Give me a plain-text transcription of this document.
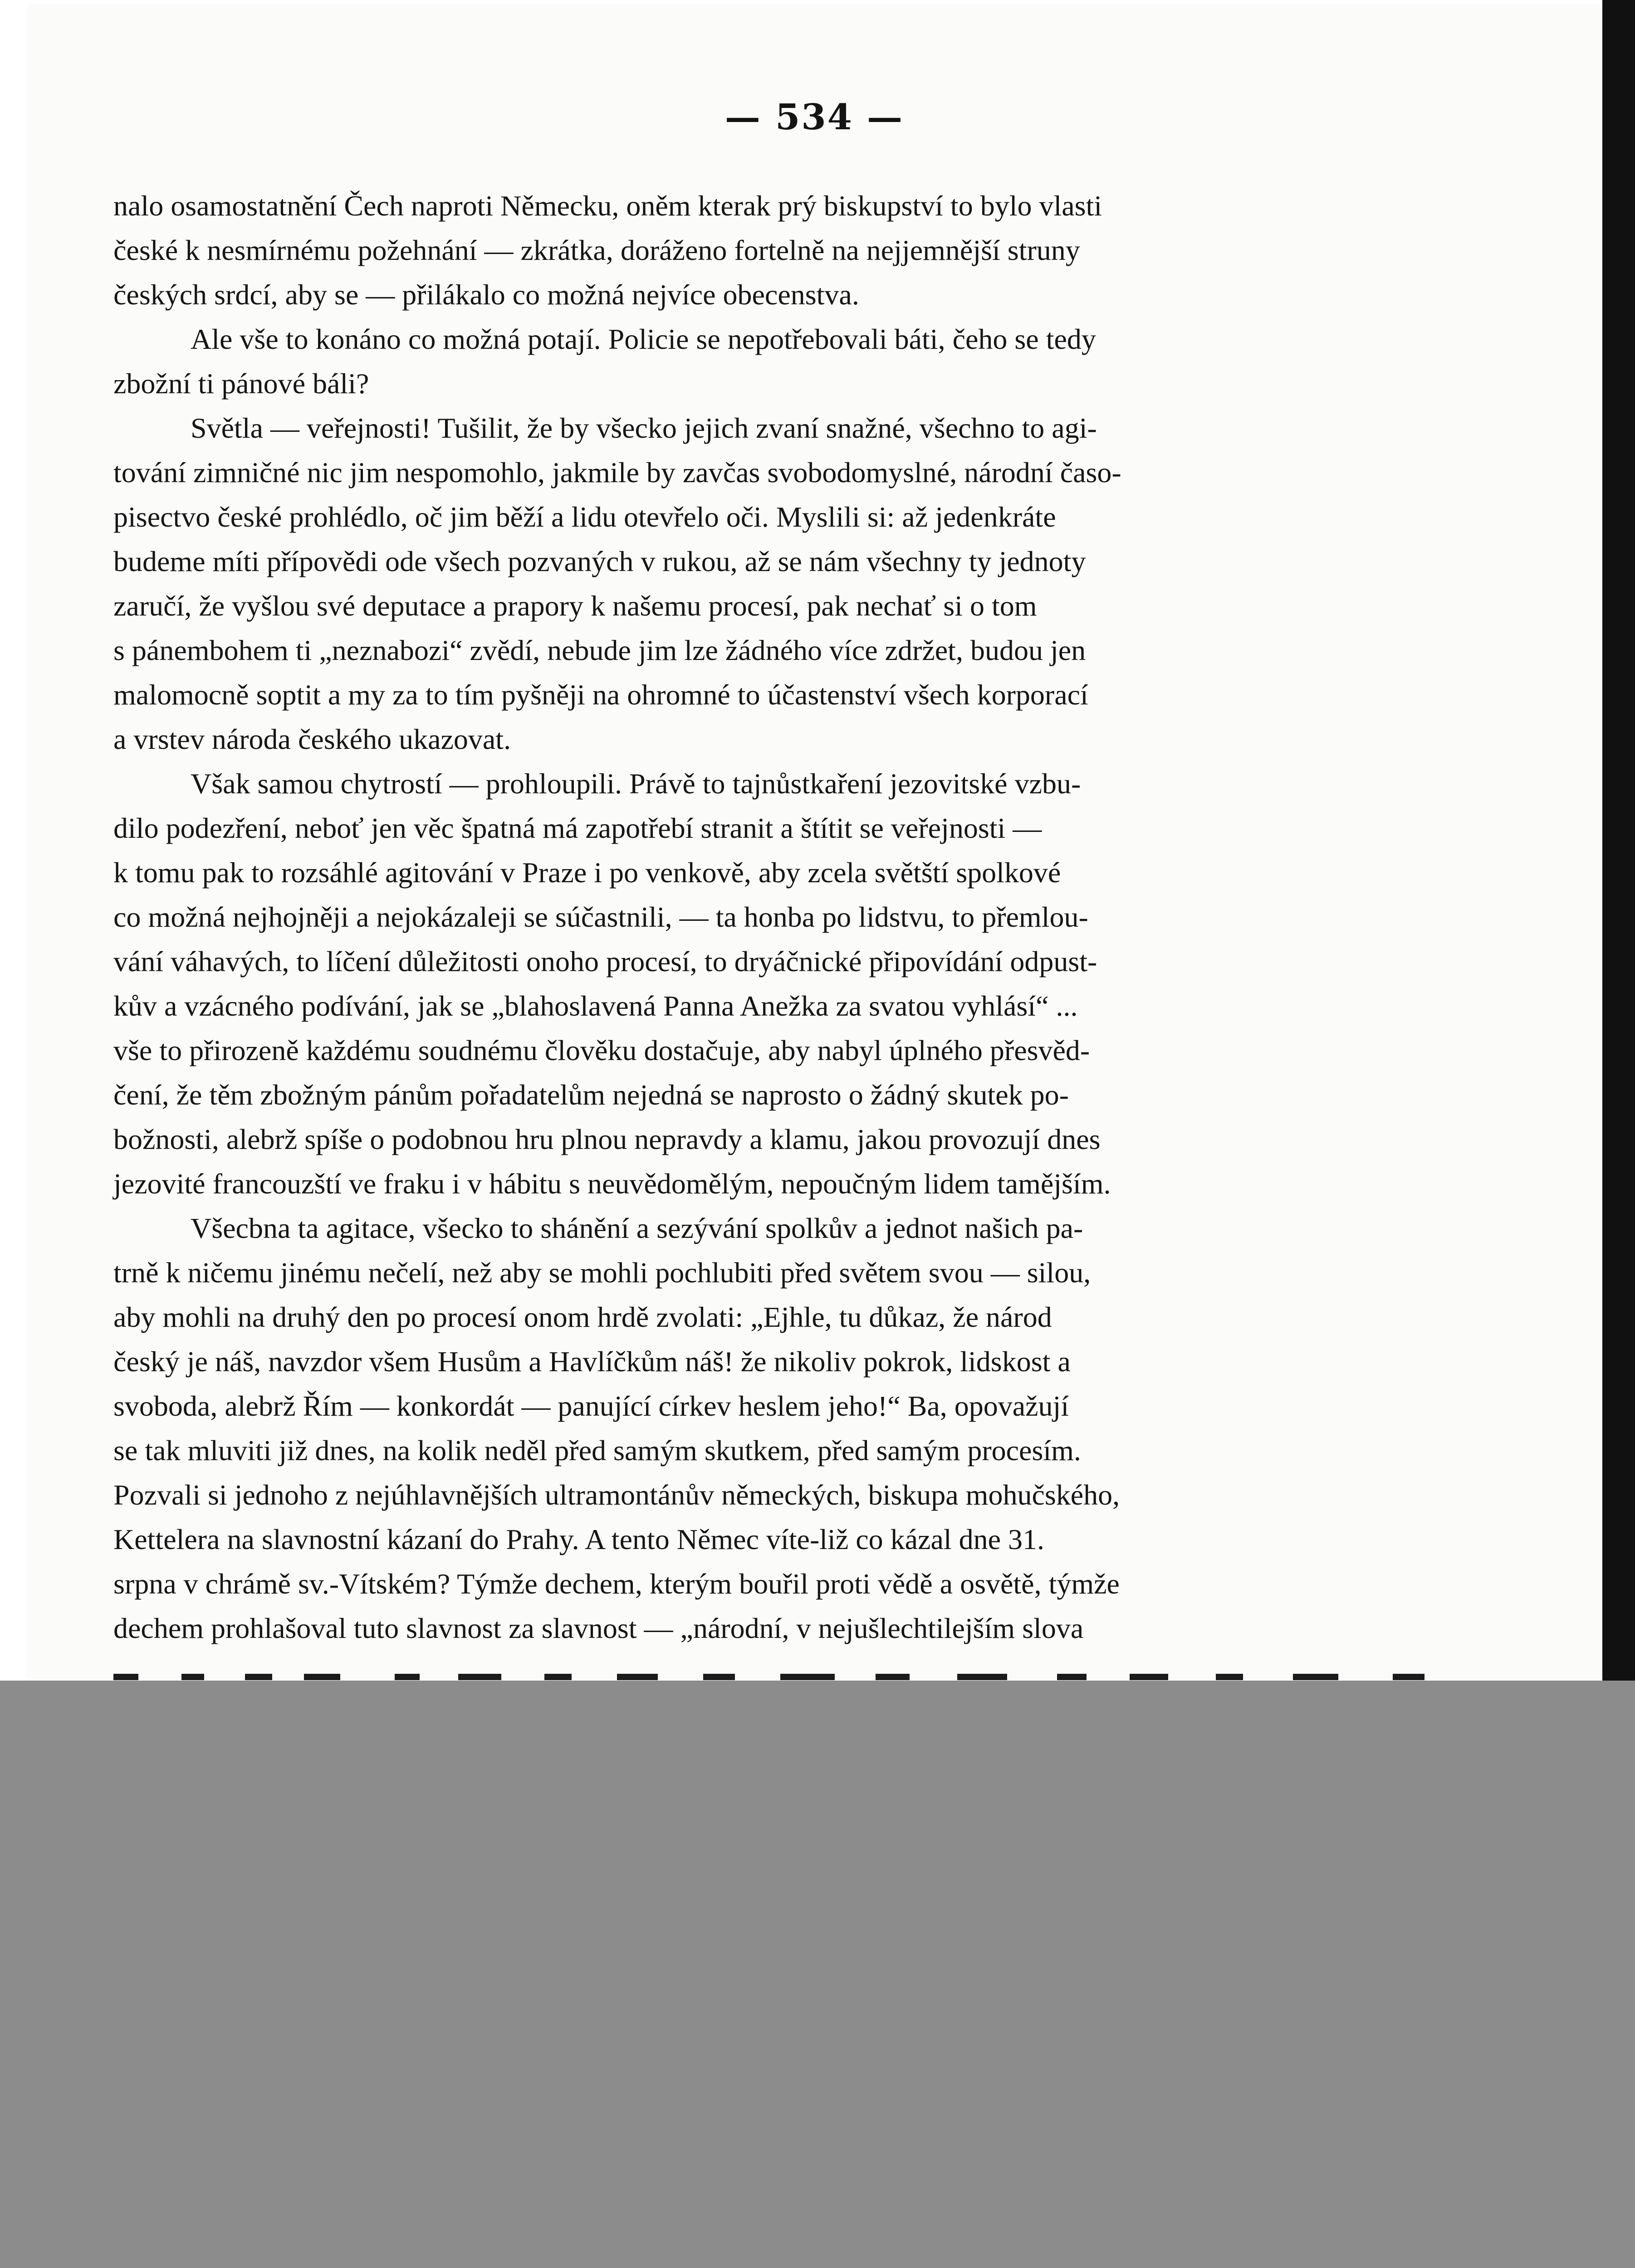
— 534 —
nalo osamostatnění Čech naproti Německu, oněm kterak prý biskupství to bylo vlasti
české k nesmírnému požehnání — zkrátka, doráženo fortelně na nejjemnější struny
českých srdcí, aby se — přilákalo co možná nejvíce obecenstva.
Ale vše to konáno co možná potají. Policie se nepotřebovali báti, čeho se tedy
zbožní ti pánové báli?
Světla — veřejnosti! Tušilit, že by všecko jejich zvaní snažné, všechno to agi-
tování zimničné nic jim nespomohlo, jakmile by zavčas svobodomyslné, národní časo-
pisectvo české prohlédlo, oč jim běží a lidu otevřelo oči. Myslili si: až jedenkráte
budeme míti přípovědi ode všech pozvaných v rukou, až se nám všechny ty jednoty
zaručí, že vyšlou své deputace a prapory k našemu procesí, pak nechať si o tom
s pánembohem ti „neznabozi“ zvědí, nebude jim lze žádného více zdržet, budou jen
malomocně soptit a my za to tím pyšněji na ohromné to účastenství všech korporací
a vrstev národa českého ukazovat.
Však samou chytrostí — prohloupili. Právě to tajnůstkaření jezovitské vzbu-
dilo podezření, neboť jen věc špatná má zapotřebí stranit a štítit se veřejnosti —
k tomu pak to rozsáhlé agitování v Praze i po venkově, aby zcela světští spolkové
co možná nejhojněji a nejokázaleji se súčastnili, — ta honba po lidstvu, to přemlou-
vání váhavých, to líčení důležitosti onoho procesí, to dryáčnické připovídání odpust-
kův a vzácného podívání, jak se „blahoslavená Panna Anežka za svatou vyhlásí“ ...
vše to přirozeně každému soudnému člověku dostačuje, aby nabyl úplného přesvěd-
čení, že těm zbožným pánům pořadatelům nejedná se naprosto o žádný skutek po-
božnosti, alebrž spíše o podobnou hru plnou nepravdy a klamu, jakou provozují dnes
jezovité francouzští ve fraku i v hábitu s neuvědomělým, nepoučným lidem tamějším.
Všecbna ta agitace, všecko to shánění a sezývání spolkův a jednot našich pa-
trně k ničemu jinému nečelí, než aby se mohli pochlubiti před světem svou — silou,
aby mohli na druhý den po procesí onom hrdě zvolati: „Ejhle, tu důkaz, že národ
český je náš, navzdor všem Husům a Havlíčkům náš! že nikoliv pokrok, lidskost a
svoboda, alebrž Řím — konkordát — panující církev heslem jeho!“ Ba, opovažují
se tak mluviti již dnes, na kolik neděl před samým skutkem, před samým procesím.
Pozvali si jednoho z nejúhlavnějších ultramontánův německých, biskupa mohučského,
Kettelera na slavnostní kázaní do Prahy. A tento Němec víte-liž co kázal dne 31.
srpna v chrámě sv.-Vítském? Týmže dechem, kterým bouřil proti vědě a osvětě, týmže
dechem prohlašoval tuto slavnost za slavnost — „národní, v nejušlechtilejším slova
